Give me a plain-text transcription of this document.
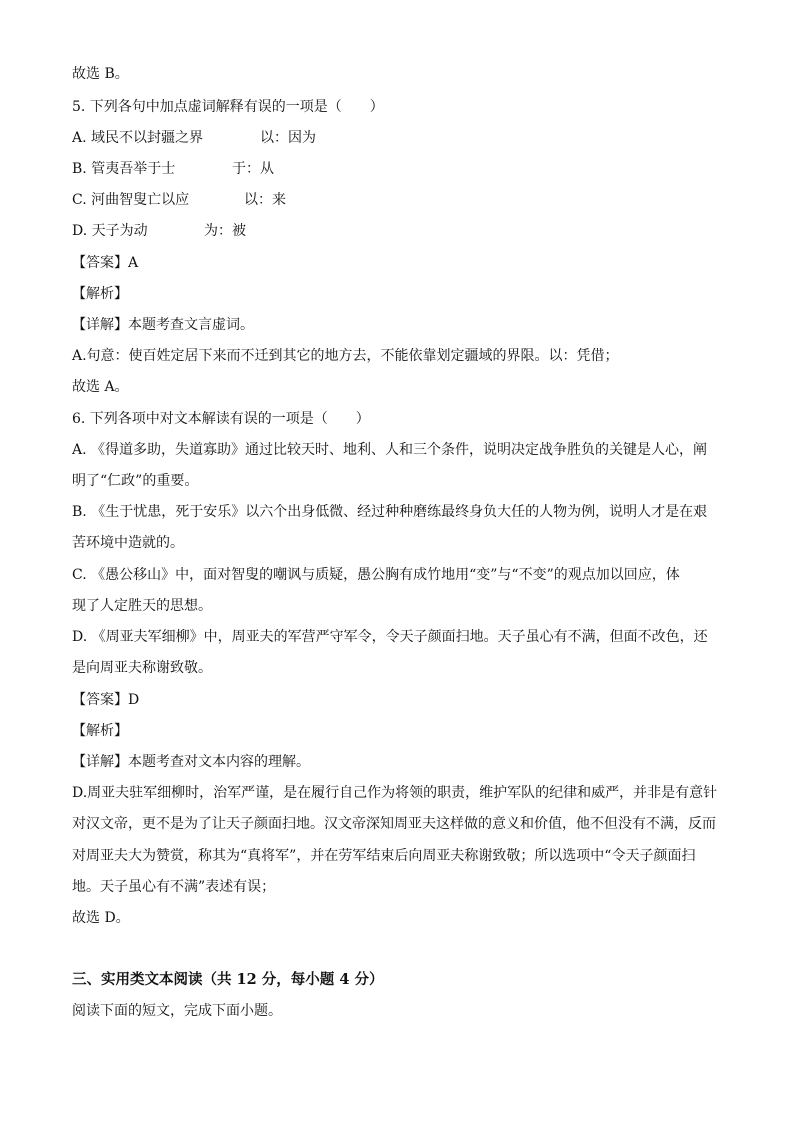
故选 B。
5. 下列各句中加点虚词解释有误的一项是（　　）
A. 域民不以封疆之界	以：因为
B. 管夷吾举于士	于：从
C. 河曲智叟亡以应	以：来
D. 天子为动	为：被
【答案】A
【解析】
【详解】本题考查文言虚词。
A.句意：使百姓定居下来而不迁到其它的地方去，不能依靠划定疆域的界限。以：凭借；
故选 A。
6. 下列各项中对文本解读有误的一项是（　　）
A. 《得道多助，失道寡助》通过比较天时、地利、人和三个条件，说明决定战争胜负的关键是人心，阐
明了“仁政”的重要。
B. 《生于忧患，死于安乐》以六个出身低微、经过种种磨练最终身负大任的人物为例，说明人才是在艰
苦环境中造就的。
C. 《愚公移山》中，面对智叟的嘲讽与质疑，愚公胸有成竹地用“变”与“不变”的观点加以回应，体
现了人定胜天的思想。
D. 《周亚夫军细柳》中，周亚夫的军营严守军令，令天子颜面扫地。天子虽心有不满，但面不改色，还
是向周亚夫称谢致敬。
【答案】D
【解析】
【详解】本题考查对文本内容的理解。
D.周亚夫驻军细柳时，治军严谨，是在履行自己作为将领的职责，维护军队的纪律和威严，并非是有意针
对汉文帝，更不是为了让天子颜面扫地。汉文帝深知周亚夫这样做的意义和价值，他不但没有不满，反而
对周亚夫大为赞赏，称其为“真将军”，并在劳军结束后向周亚夫称谢致敬；所以选项中“令天子颜面扫
地。天子虽心有不满”表述有误；
故选 D。
三、实用类文本阅读（共 12 分，每小题 4 分）
阅读下面的短文，完成下面小题。
